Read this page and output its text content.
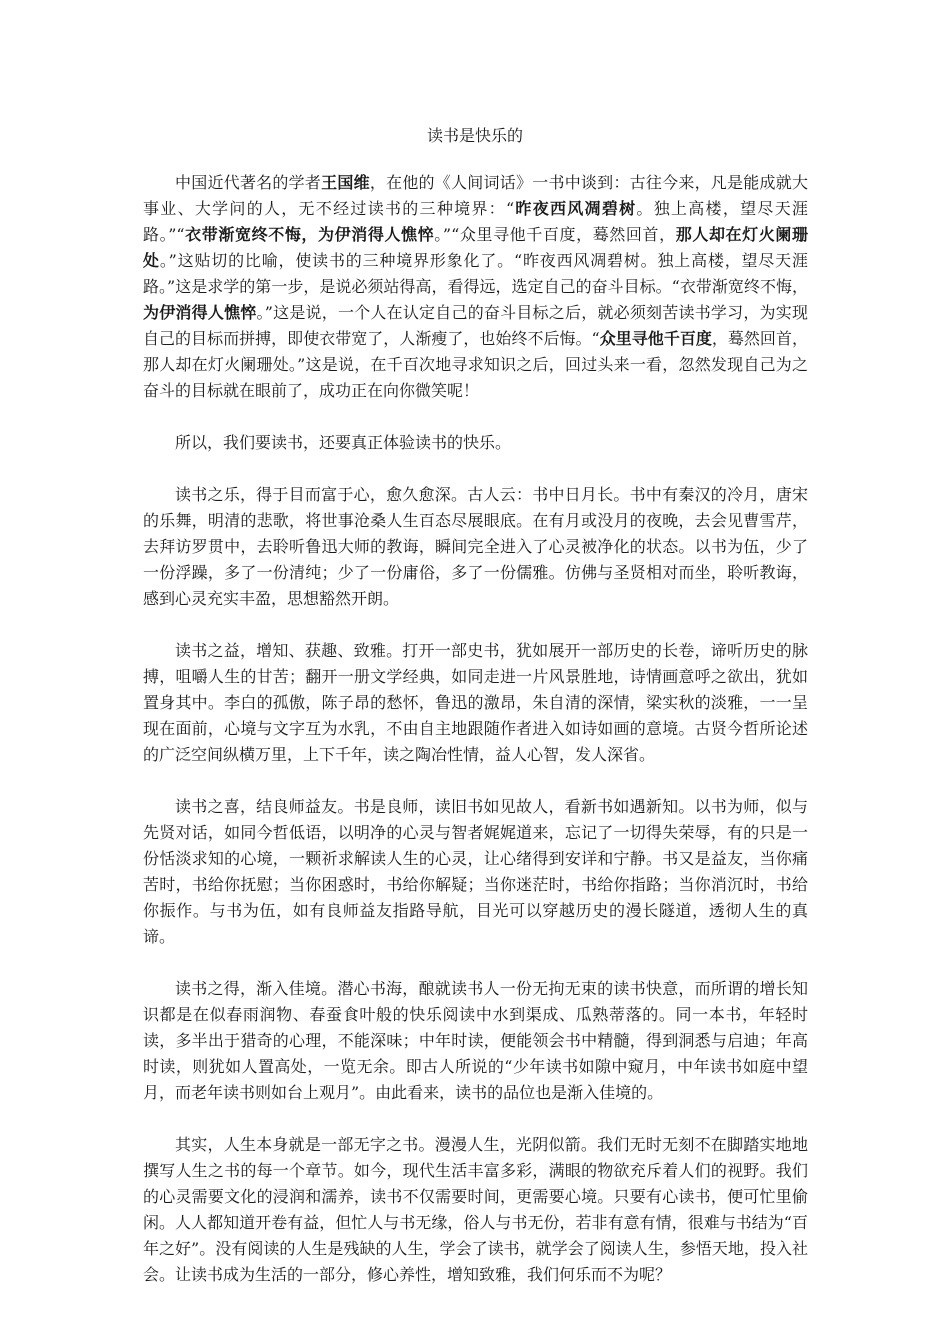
读书是快乐的

中国近代著名的学者王国维，在他的《人间词话》一书中谈到：古往今来，凡是能成就大事业、大学问的人，无不经过读书的三种境界：“昨夜西风凋碧树。独上高楼，望尽天涯路。”“衣带渐宽终不悔，为伊消得人憔悴。”“众里寻他千百度，蓦然回首，那人却在灯火阑珊处。”这贴切的比喻，使读书的三种境界形象化了。“昨夜西风凋碧树。独上高楼，望尽天涯路。”这是求学的第一步，是说必须站得高，看得远，选定自己的奋斗目标。“衣带渐宽终不悔，为伊消得人憔悴。”这是说，一个人在认定自己的奋斗目标之后，就必须刻苦读书学习，为实现自己的目标而拼搏，即使衣带宽了，人渐瘦了，也始终不后悔。“众里寻他千百度，蓦然回首，那人却在灯火阑珊处。”这是说，在千百次地寻求知识之后，回过头来一看，忽然发现自己为之奋斗的目标就在眼前了，成功正在向你微笑呢！

所以，我们要读书，还要真正体验读书的快乐。

读书之乐，得于目而富于心，愈久愈深。古人云：书中日月长。书中有秦汉的冷月，唐宋的乐舞，明清的悲歌，将世事沧桑人生百态尽展眼底。在有月或没月的夜晚，去会见曹雪芹，去拜访罗贯中，去聆听鲁迅大师的教诲，瞬间完全进入了心灵被净化的状态。以书为伍，少了一份浮躁，多了一份清纯；少了一份庸俗，多了一份儒雅。仿佛与圣贤相对而坐，聆听教诲，感到心灵充实丰盈，思想豁然开朗。

读书之益，增知、获趣、致雅。打开一部史书，犹如展开一部历史的长卷，谛听历史的脉搏，咀嚼人生的甘苦；翻开一册文学经典，如同走进一片风景胜地，诗情画意呼之欲出，犹如置身其中。李白的孤傲，陈子昂的愁怀，鲁迅的激昂，朱自清的深情，梁实秋的淡雅，一一呈现在面前，心境与文字互为水乳，不由自主地跟随作者进入如诗如画的意境。古贤今哲所论述的广泛空间纵横万里，上下千年，读之陶冶性情，益人心智，发人深省。

读书之喜，结良师益友。书是良师，读旧书如见故人，看新书如遇新知。以书为师，似与先贤对话，如同今哲低语，以明净的心灵与智者娓娓道来，忘记了一切得失荣辱，有的只是一份恬淡求知的心境，一颗祈求解读人生的心灵，让心绪得到安详和宁静。书又是益友，当你痛苦时，书给你抚慰；当你困惑时，书给你解疑；当你迷茫时，书给你指路；当你消沉时，书给你振作。与书为伍，如有良师益友指路导航，目光可以穿越历史的漫长隧道，透彻人生的真谛。

读书之得，渐入佳境。潜心书海，酿就读书人一份无拘无束的读书快意，而所谓的增长知识都是在似春雨润物、春蚕食叶般的快乐阅读中水到渠成、瓜熟蒂落的。同一本书，年轻时读，多半出于猎奇的心理，不能深味；中年时读，便能领会书中精髓，得到洞悉与启迪；年高时读，则犹如人置高处，一览无余。即古人所说的“少年读书如隙中窥月，中年读书如庭中望月，而老年读书则如台上观月”。由此看来，读书的品位也是渐入佳境的。

其实，人生本身就是一部无字之书。漫漫人生，光阴似箭。我们无时无刻不在脚踏实地地撰写人生之书的每一个章节。如今，现代生活丰富多彩，满眼的物欲充斥着人们的视野。我们的心灵需要文化的浸润和濡养，读书不仅需要时间，更需要心境。只要有心读书，便可忙里偷闲。人人都知道开卷有益，但忙人与书无缘，俗人与书无份，若非有意有情，很难与书结为“百年之好”。没有阅读的人生是残缺的人生，学会了读书，就学会了阅读人生，参悟天地，投入社会。让读书成为生活的一部分，修心养性，增知致雅，我们何乐而不为呢？
